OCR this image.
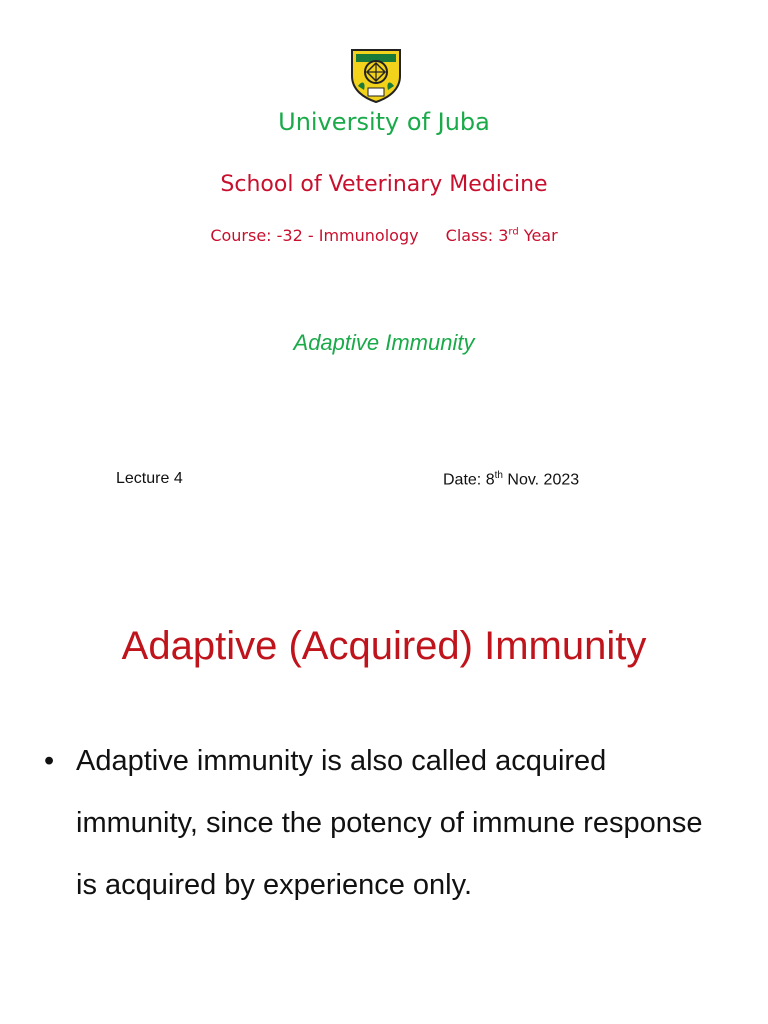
University of Juba
School of Veterinary Medicine
Course: -32 - Immunology Class: 3rd Year
Adaptive Immunity
Lecture 4	Date: 8th Nov. 2023
Adaptive (Acquired) Immunity
• Adaptive immunity is also called acquired immunity, since the potency of immune response is acquired by experience only.
